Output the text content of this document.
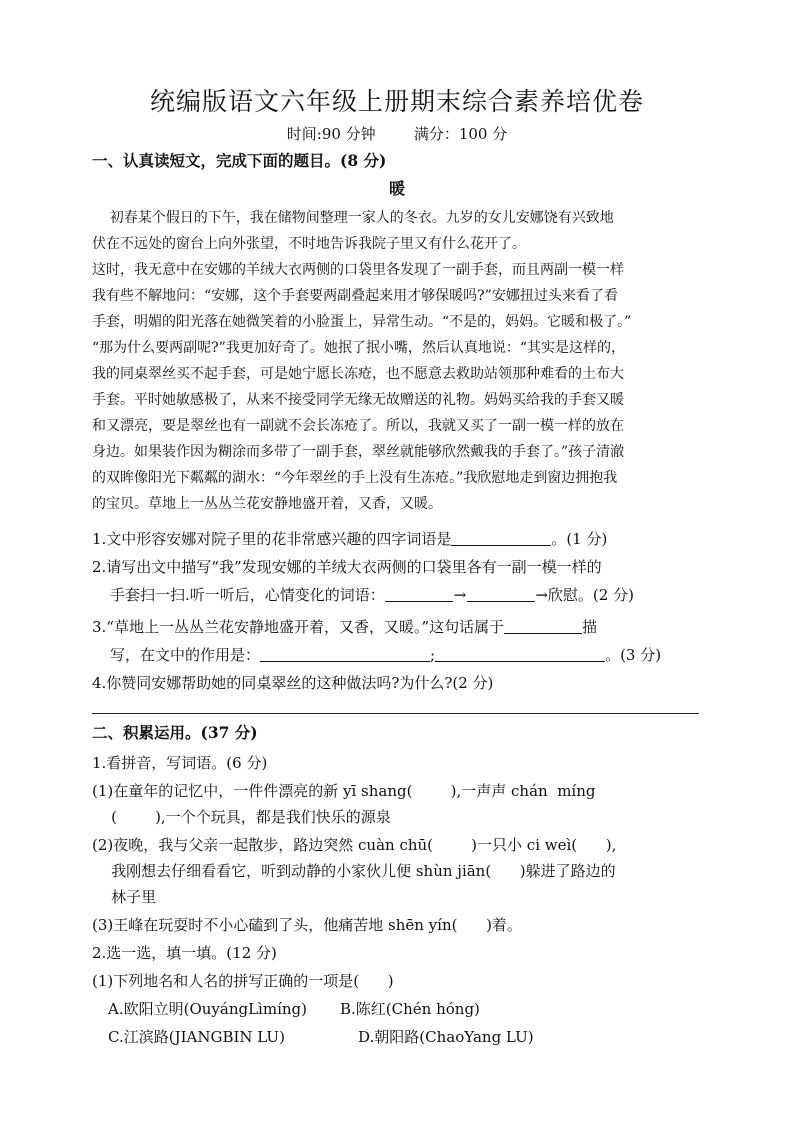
统编版语文六年级上册期末综合素养培优卷
时间:90 分钟        满分：100 分
一、认真读短文，完成下面的题目。(8 分)
暖
初春某个假日的下午，我在储物间整理一家人的冬衣。九岁的女儿安娜饶有兴致地
伏在不远处的窗台上向外张望，不时地告诉我院子里又有什么花开了。
这时，我无意中在安娜的羊绒大衣两侧的口袋里各发现了一副手套，而且两副一模一样
我有些不解地问：“安娜，这个手套要两副叠起来用才够保暖吗?”安娜扭过头来看了看
手套，明媚的阳光落在她微笑着的小脸蛋上，异常生动。“不是的，妈妈。它暖和极了。”
“那为什么要两副呢?”我更加好奇了。她抿了抿小嘴，然后认真地说：“其实是这样的，
我的同桌翠丝买不起手套，可是她宁愿长冻疮，也不愿意去救助站领那种难看的土布大
手套。平时她敏感极了，从来不接受同学无缘无故赠送的礼物。妈妈买给我的手套又暖
和又漂亮，要是翠丝也有一副就不会长冻疮了。所以，我就又买了一副一模一样的放在
身边。如果装作因为糊涂而多带了一副手套，翠丝就能够欣然戴我的手套了。”孩子清澈
的双眸像阳光下粼粼的湖水：“今年翠丝的手上没有生冻疮。”我欣慰地走到窗边拥抱我
的宝贝。草地上一丛丛兰花安静地盛开着，又香，又暖。
1.文中形容安娜对院子里的花非常感兴趣的四字词语是	。(1 分)
2.请写出文中描写“我”发现安娜的羊绒大衣两侧的口袋里各有一副一模一样的
手套扫一扫.听一听后，心情变化的词语：	→	→欣慰。(2 分)
3.“草地上一丛丛兰花安静地盛开着，又香，又暖。”这句话属于	描
写，在文中的作用是：	;	。(3 分)
4.你赞同安娜帮助她的同桌翠丝的这种做法吗?为什么?(2 分)
二、积累运用。(37 分)
1.看拼音，写词语。(6 分)
(1)在童年的记忆中，一件件漂亮的新 yī shang(        ),一声声 chán  míng
(        ),一个个玩具，都是我们快乐的源泉
(2)夜晚，我与父亲一起散步，路边突然 cuàn chū(        )一只小 ci weì(      ),
我刚想去仔细看看它，听到动静的小家伙儿便 shùn jiān(      )躲进了路边的
林子里
(3)王峰在玩耍时不小心磕到了头，他痛苦地 shēn yín(      )着。
2.选一选，填一填。(12 分)
(1)下列地名和人名的拼写正确的一项是(      )
A.欧阳立明(OuyángLìmíng)	B.陈红(Chén hóng)
C.江滨路(JIANGBIN LU)	D.朝阳路(ChaoYang LU)
